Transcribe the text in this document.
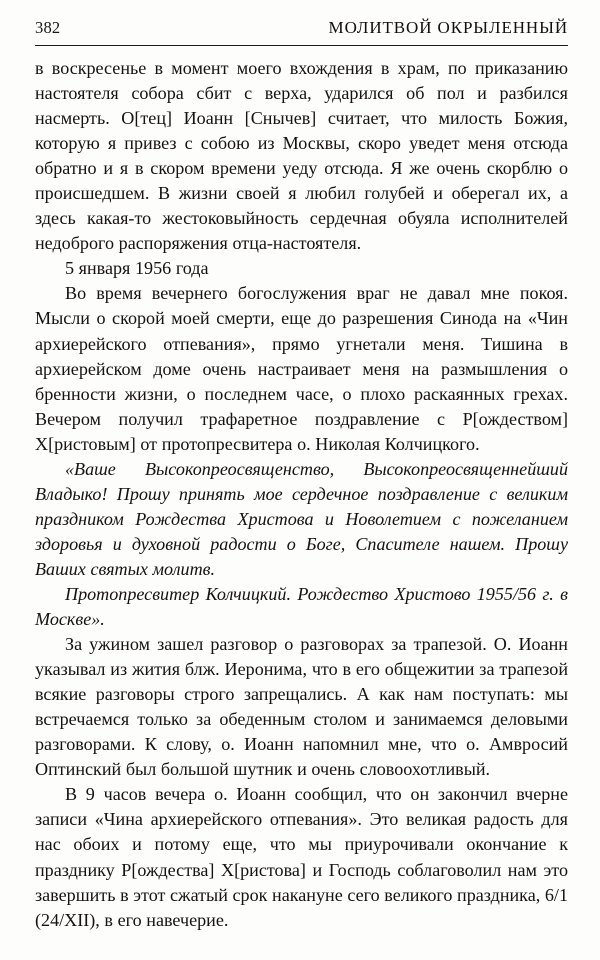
382	МОЛИТВОЙ ОКРЫЛЕННЫЙ

в воскресенье в момент моего вхождения в храм, по приказанию настоятеля собора сбит с верха, ударился об пол и разбился насмерть. О[тец] Иоанн [Снычев] считает, что милость Божия, которую я привез с собою из Москвы, скоро уведет меня отсюда обратно и я в скором времени уеду отсюда. Я же очень скорблю о происшедшем. В жизни своей я любил голубей и оберегал их, а здесь какая-то жестоковыйность сердечная обуяла исполнителей недоброго распоряжения отца-настоятеля.

5 января 1956 года

Во время вечернего богослужения враг не давал мне покоя. Мысли о скорой моей смерти, еще до разрешения Синода на «Чин архиерейского отпевания», прямо угнетали меня. Тишина в архиерейском доме очень настраивает меня на размышления о бренности жизни, о последнем часе, о плохо раскаянных грехах. Вечером получил трафаретное поздравление с Р[ождеством] Х[ристовым] от протопресвитера о. Николая Колчицкого.

«Ваше Высокопреосвященство, Высокопреосвященнейший Владыко! Прошу принять мое сердечное поздравление с великим праздником Рождества Христова и Новолетием с пожеланием здоровья и духовной радости о Боге, Спасителе нашем. Прошу Ваших святых молитв.

Протопресвитер Колчицкий. Рождество Христово 1955/56 г. в Москве».

За ужином зашел разговор о разговорах за трапезой. О. Иоанн указывал из жития блж. Иеронима, что в его общежитии за трапезой всякие разговоры строго запрещались. А как нам поступать: мы встречаемся только за обеденным столом и занимаемся деловыми разговорами. К слову, о. Иоанн напомнил мне, что о. Амвросий Оптинский был большой шутник и очень словоохотливый.

В 9 часов вечера о. Иоанн сообщил, что он закончил вчерне записи «Чина архиерейского отпевания». Это великая радость для нас обоих и потому еще, что мы приурочивали окончание к празднику Р[ождества] Х[ристова] и Господь соблаговолил нам это завершить в этот сжатый срок накануне сего великого праздника, 6/1 (24/XII), в его навечерие.
